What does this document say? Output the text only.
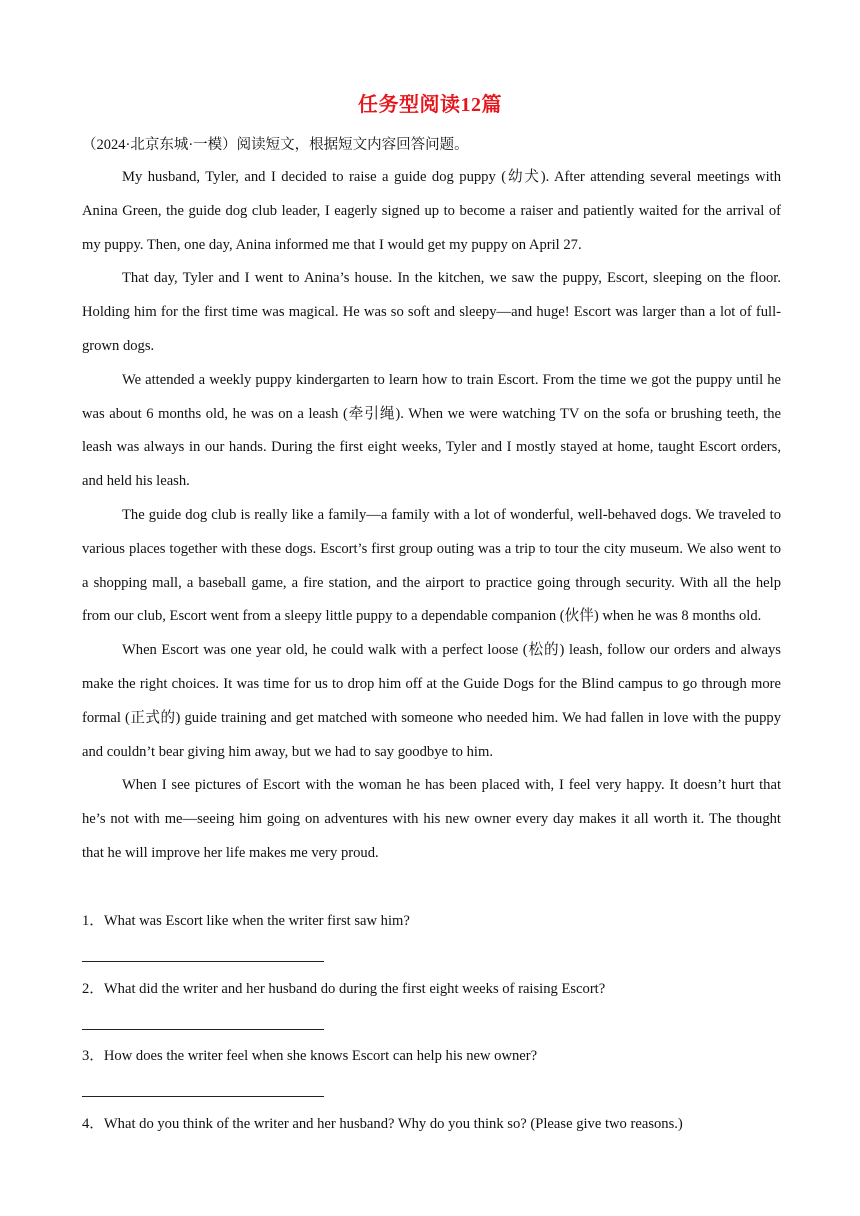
任务型阅读12篇
（2024·北京东城·一模）阅读短文，根据短文内容回答问题。

My husband, Tyler, and I decided to raise a guide dog puppy (幼犬). After attending several meetings with Anina Green, the guide dog club leader, I eagerly signed up to become a raiser and patiently waited for the arrival of my puppy. Then, one day, Anina informed me that I would get my puppy on April 27.

That day, Tyler and I went to Anina’s house. In the kitchen, we saw the puppy, Escort, sleeping on the floor. Holding him for the first time was magical. He was so soft and sleepy—and huge! Escort was larger than a lot of full-grown dogs.

We attended a weekly puppy kindergarten to learn how to train Escort. From the time we got the puppy until he was about 6 months old, he was on a leash (牵引绳). When we were watching TV on the sofa or brushing teeth, the leash was always in our hands. During the first eight weeks, Tyler and I mostly stayed at home, taught Escort orders, and held his leash.

The guide dog club is really like a family—a family with a lot of wonderful, well-behaved dogs. We traveled to various places together with these dogs. Escort’s first group outing was a trip to tour the city museum. We also went to a shopping mall, a baseball game, a fire station, and the airport to practice going through security. With all the help from our club, Escort went from a sleepy little puppy to a dependable companion (伙伴) when he was 8 months old.

When Escort was one year old, he could walk with a perfect loose (松的) leash, follow our orders and always make the right choices. It was time for us to drop him off at the Guide Dogs for the Blind campus to go through more formal (正式的) guide training and get matched with someone who needed him. We had fallen in love with the puppy and couldn’t bear giving him away, but we had to say goodbye to him.

When I see pictures of Escort with the woman he has been placed with, I feel very happy. It doesn’t hurt that he’s not with me—seeing him going on adventures with his new owner every day makes it all worth it. The thought that he will improve her life makes me very proud.

1．What was Escort like when the writer first saw him?
2．What did the writer and her husband do during the first eight weeks of raising Escort?
3．How does the writer feel when she knows Escort can help his new owner?
4．What do you think of the writer and her husband? Why do you think so? (Please give two reasons.)
